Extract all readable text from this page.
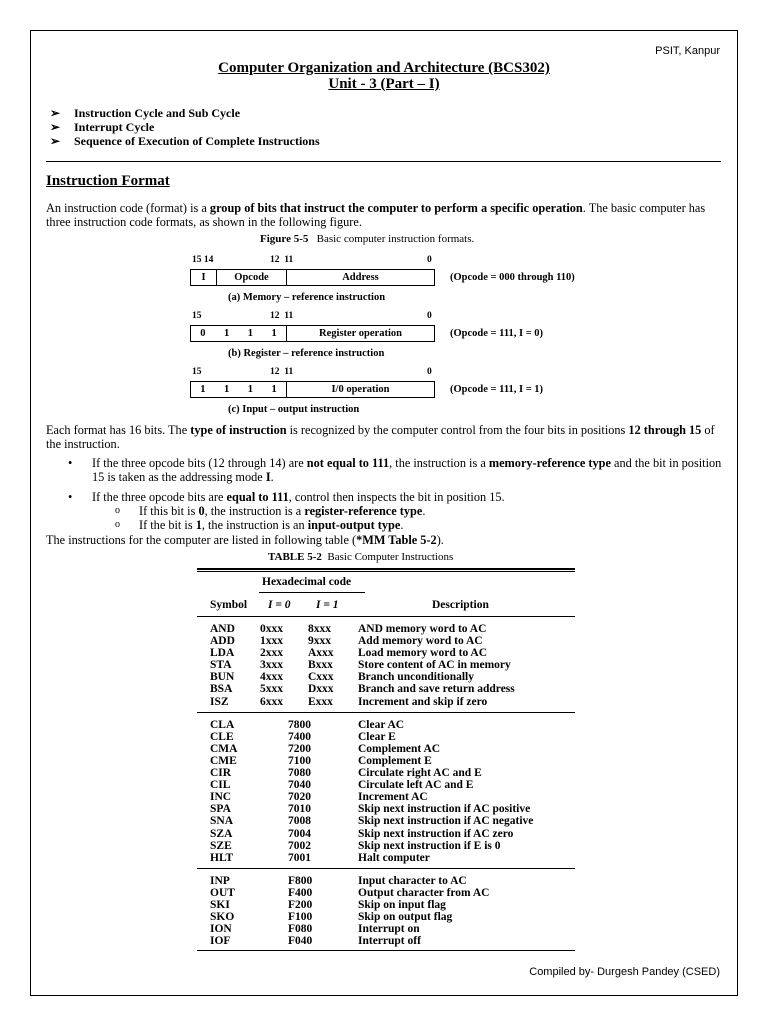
PSIT, Kanpur
Computer Organization and Architecture (BCS302)
Unit - 3 (Part – I)
➢ Instruction Cycle and Sub Cycle
➢ Interrupt Cycle
➢ Sequence of Execution of Complete Instructions
Instruction Format
An instruction code (format) is a group of bits that instruct the computer to perform a specific operation. The basic computer has three instruction code formats, as shown in the following figure.
Figure 5-5 Basic computer instruction formats.
15 14	12  11	0
I	Opcode	Address	(Opcode = 000 through 110)
(a) Memory – reference instruction
15	12  11	0
0 1 1 1	Register operation	(Opcode = 111, I = 0)
(b) Register – reference instruction
15	12  11	0
1 1 1 1	I/0 operation	(Opcode = 111, I = 1)
(c) Input – output instruction
Each format has 16 bits. The type of instruction is recognized by the computer control from the four bits in positions 12 through 15 of the instruction.
• If the three opcode bits (12 through 14) are not equal to 111, the instruction is a memory-reference type and the bit in position 15 is taken as the addressing mode I.
• If the three opcode bits are equal to 111, control then inspects the bit in position 15.
o If this bit is 0, the instruction is a register-reference type.
o If the bit is 1, the instruction is an input-output type.
The instructions for the computer are listed in following table (*MM Table 5-2).
TABLE 5-2 Basic Computer Instructions
Hexadecimal code
Symbol I = 0 I = 1	Description
AND	0xxx	8xxx	AND memory word to AC
ADD	1xxx	9xxx	Add memory word to AC
LDA	2xxx	Axxx	Load memory word to AC
STA	3xxx	Bxxx	Store content of AC in memory
BUN	4xxx	Cxxx	Branch unconditionally
BSA	5xxx	Dxxx	Branch and save return address
ISZ	6xxx	Exxx	Increment and skip if zero

CLA	7800		Clear AC
CLE	7400		Clear E
CMA	7200		Complement AC
CME	7100		Complement E
CIR	7080		Circulate right AC and E
CIL	7040		Circulate left AC and E
INC	7020		Increment AC
SPA	7010		Skip next instruction if AC positive
SNA	7008		Skip next instruction if AC negative
SZA	7004		Skip next instruction if AC zero
SZE	7002		Skip next instruction if E is 0
HLT	7001		Halt computer

INP	F800		Input character to AC
OUT	F400		Output character from AC
SKI	F200		Skip on input flag
SKO	F100		Skip on output flag
ION	F080		Interrupt on
IOF	F040		Interrupt off
Compiled by- Durgesh Pandey (CSED)
